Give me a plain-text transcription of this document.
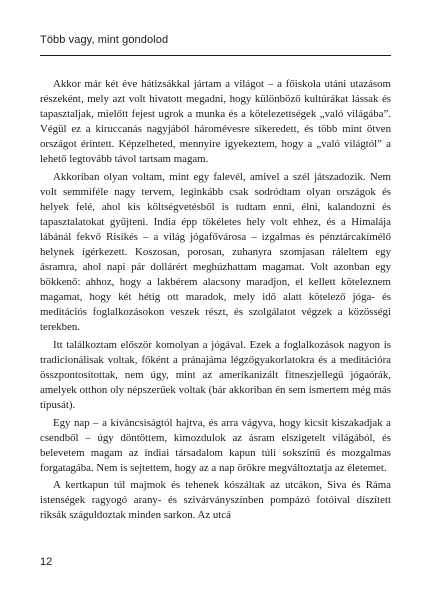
Több vagy, mint gondolod

Akkor már két éve hátizsákkal jártam a világot – a főiskola utáni utazásom részeként, mely azt volt hivatott megadni, hogy különböző kultúrákat lássak és tapasztaljak, mielőtt fejest ugrok a munka és a kötelezettségek „való világába”. Végül ez a kiruccanás nagyjából háromévesre sikeredett, és több mint ötven országot érintett. Képzelheted, mennyire igyekeztem, hogy a „való világtól” a lehető legtovább távol tartsam magam.

Akkoriban olyan voltam, mint egy falevél, amivel a szél játszadozik. Nem volt semmiféle nagy tervem, leginkább csak sodródtam olyan országok és helyek felé, ahol kis költségvetésből is tudtam enni, élni, kalandozni és tapasztalatokat gyűjteni. India épp tökéletes hely volt ehhez, és a Himalája lábánál fekvő Risikés – a világ jógafővárosa – izgalmas és pénztárcakímélő helynek ígérkezett. Koszosan, porosan, zuhanyra szomjasan ráleltem egy ásramra, ahol napi pár dollárért meghúzhattam magamat. Volt azonban egy bökkenő: ahhoz, hogy a lakbérem alacsony maradjon, el kellett köteleznem magamat, hogy két hétig ott maradok, mely idő alatt kötelező jóga- és meditációs foglalkozásokon veszek részt, és szolgálatot végzek a közösségi terekben.

Itt találkoztam először komolyan a jógával. Ezek a foglalkozások nagyon is tradicionálisak voltak, főként a pránajáma légzőgyakorlatokra és a meditációra összpontosítottak, nem úgy, mint az amerikanizált fitneszjellegű jógaórák, amelyek otthon oly népszerűek voltak (bár akkoriban én sem ismertem még más típusát).

Egy nap – a kíváncsiságtól hajtva, és arra vágyva, hogy kicsit kiszakadjak a csendből – úgy döntöttem, kimozdulok az ásram elszigetelt világából, és belevetem magam az indiai társadalom kapun túli sokszínű és mozgalmas forgatagába. Nem is sejtettem, hogy az a nap örökre megváltoztatja az életemet.

A kertkapun túl majmok és tehenek kószáltak az utcákon, Siva és Ráma istenségek ragyogó arany- és szivárványszínben pompázó fotóival díszített riksák száguldoztak minden sarkon. Az utcá

12
